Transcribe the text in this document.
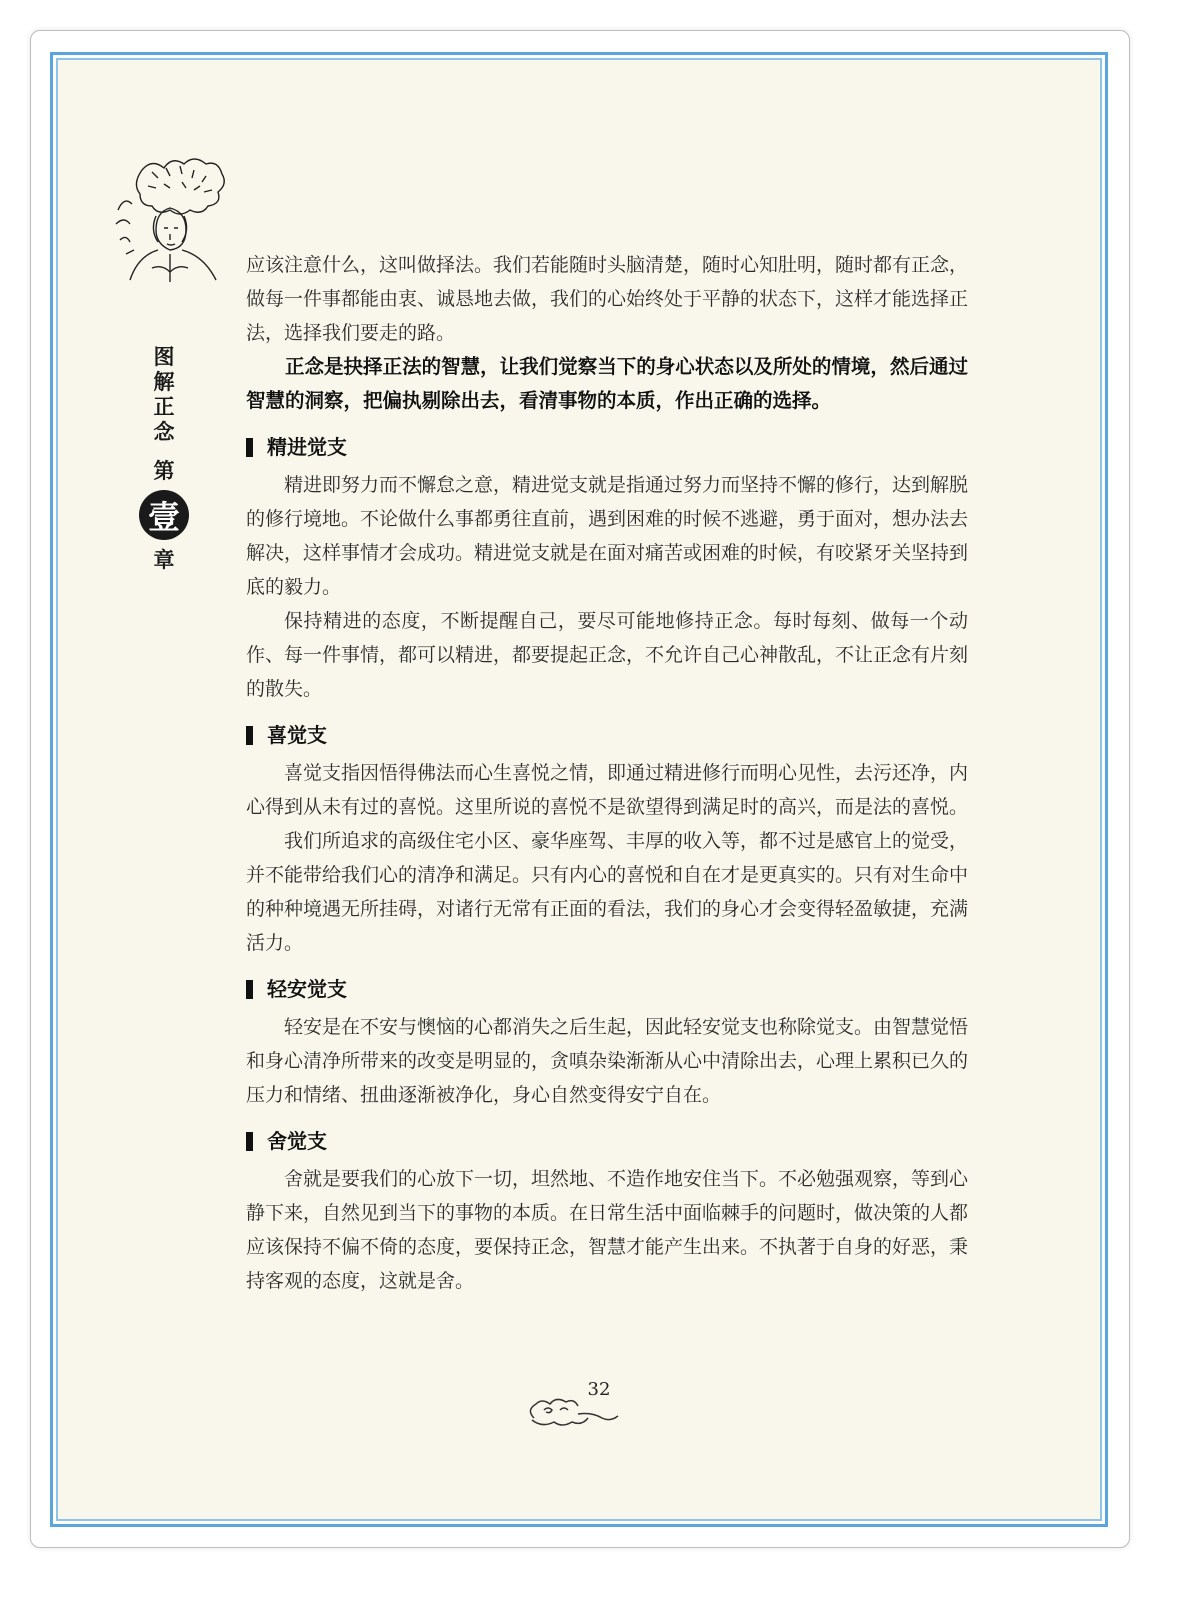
图
解
正
念
第
壹
章

应该注意什么，这叫做择法。我们若能随时头脑清楚，随时心知肚明，随时都有正念，做每一件事都能由衷、诚恳地去做，我们的心始终处于平静的状态下，这样才能选择正法，选择我们要走的路。

正念是抉择正法的智慧，让我们觉察当下的身心状态以及所处的情境，然后通过智慧的洞察，把偏执剔除出去，看清事物的本质，作出正确的选择。

精进觉支

精进即努力而不懈怠之意，精进觉支就是指通过努力而坚持不懈的修行，达到解脱的修行境地。不论做什么事都勇往直前，遇到困难的时候不逃避，勇于面对，想办法去解决，这样事情才会成功。精进觉支就是在面对痛苦或困难的时候，有咬紧牙关坚持到底的毅力。

保持精进的态度，不断提醒自己，要尽可能地修持正念。每时每刻、做每一个动作、每一件事情，都可以精进，都要提起正念，不允许自己心神散乱，不让正念有片刻的散失。

喜觉支

喜觉支指因悟得佛法而心生喜悦之情，即通过精进修行而明心见性，去污还净，内心得到从未有过的喜悦。这里所说的喜悦不是欲望得到满足时的高兴，而是法的喜悦。

我们所追求的高级住宅小区、豪华座驾、丰厚的收入等，都不过是感官上的觉受，并不能带给我们心的清净和满足。只有内心的喜悦和自在才是更真实的。只有对生命中的种种境遇无所挂碍，对诸行无常有正面的看法，我们的身心才会变得轻盈敏捷，充满活力。

轻安觉支

轻安是在不安与懊恼的心都消失之后生起，因此轻安觉支也称除觉支。由智慧觉悟和身心清净所带来的改变是明显的，贪嗔杂染渐渐从心中清除出去，心理上累积已久的压力和情绪、扭曲逐渐被净化，身心自然变得安宁自在。

舍觉支

舍就是要我们的心放下一切，坦然地、不造作地安住当下。不必勉强观察，等到心静下来，自然见到当下的事物的本质。在日常生活中面临棘手的问题时，做决策的人都应该保持不偏不倚的态度，要保持正念，智慧才能产生出来。不执著于自身的好恶，秉持客观的态度，这就是舍。

32
